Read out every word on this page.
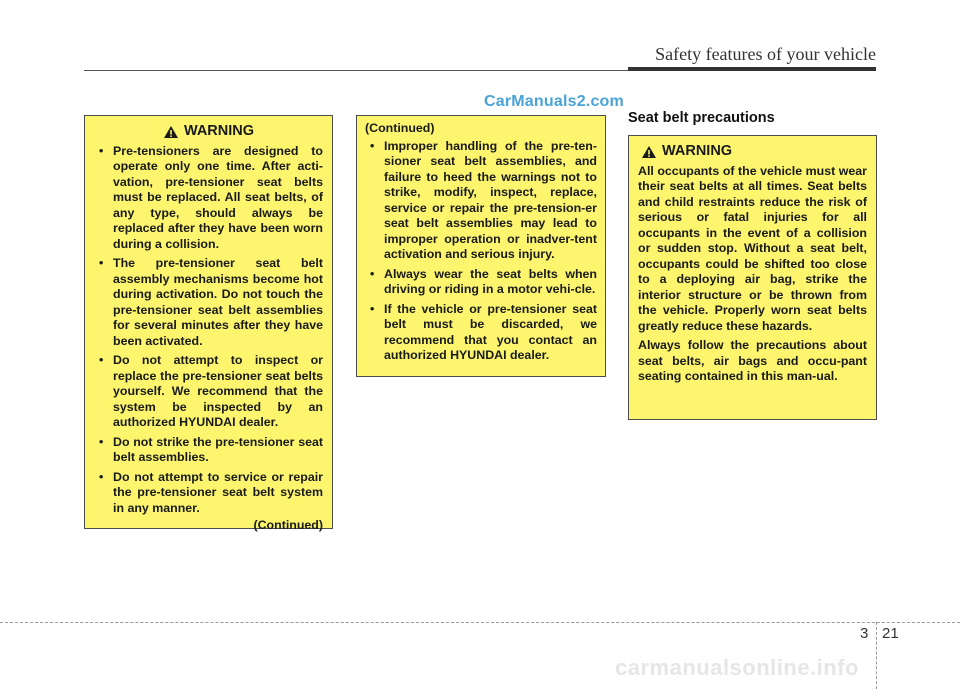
Safety features of your vehicle
CarManuals2.com
WARNING
• Pre-tensioners are designed to operate only one time. After acti-vation, pre-tensioner seat belts must be replaced. All seat belts, of any type, should always be replaced after they have been worn during a collision.
• The pre-tensioner seat belt assembly mechanisms become hot during activation. Do not touch the pre-tensioner seat belt assemblies for several minutes after they have been activated.
• Do not attempt to inspect or replace the pre-tensioner seat belts yourself. We recommend that the system be inspected by an authorized HYUNDAI dealer.
• Do not strike the pre-tensioner seat belt assemblies.
• Do not attempt to service or repair the pre-tensioner seat belt system in any manner.
(Continued)
(Continued)
• Improper handling of the pre-ten-sioner seat belt assemblies, and failure to heed the warnings not to strike, modify, inspect, replace, service or repair the pre-tension-er seat belt assemblies may lead to improper operation or inadver-tent activation and serious injury.
• Always wear the seat belts when driving or riding in a motor vehi-cle.
• If the vehicle or pre-tensioner seat belt must be discarded, we recommend that you contact an authorized HYUNDAI dealer.
Seat belt precautions
WARNING

All occupants of the vehicle must wear their seat belts at all times. Seat belts and child restraints reduce the risk of serious or fatal injuries for all occupants in the event of a collision or sudden stop. Without a seat belt, occupants could be shifted too close to a deploying air bag, strike the interior structure or be thrown from the vehicle. Properly worn seat belts greatly reduce these hazards.

Always follow the precautions about seat belts, air bags and occu-pant seating contained in this man-ual.

3 21
carmanualsonline.info
